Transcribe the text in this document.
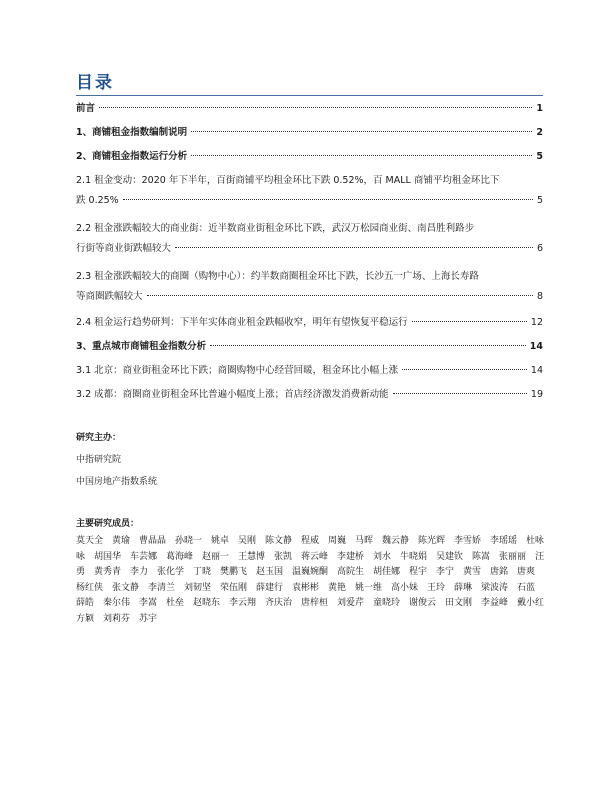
目录
前言	1
1、商铺租金指数编制说明	2
2、商铺租金指数运行分析	5
2.1 租金变动：2020 年下半年，百街商铺平均租金环比下跌 0.52%，百 MALL 商铺平均租金环比下
跌 0.25%	5
2.2 租金涨跌幅较大的商业街：近半数商业街租金环比下跌，武汉万松园商业街、南昌胜利路步
行街等商业街跌幅较大	6
2.3 租金涨跌幅较大的商圈（购物中心）：约半数商圈租金环比下跌，长沙五一广场、上海长寿路
等商圈跌幅较大	8
2.4 租金运行趋势研判：下半年实体商业租金跌幅收窄，明年有望恢复平稳运行	12
3、重点城市商铺租金指数分析	14
3.1 北京：商业街租金环比下跌；商圈购物中心经营回暖，租金环比小幅上涨	14
3.2 成都：商圈商业街租金环比普遍小幅度上涨；首店经济激发消费新动能	19
研究主办：
中指研究院
中国房地产指数系统
主要研究成员：
莫天全　黄瑜　曹晶晶　孙晓一　姚卓　吴刚　陈文静　程威　周巍　马晖　魏云静　陈光辉　李雪娇　李瑶瑶　杜咏咏　胡国华　车芸娜　葛海峰　赵丽一　王慧博　张凯　蒋云峰　李建桥　刘水　牛晓娟　吴建钦　陈嵩　张丽丽　汪勇　黄秀青　李力　张化学　丁晓　樊鹏飞　赵玉国　温巍婉酮　高院生　胡佳娜　程宇　李宁　黄雪　唐銘　唐爽　杨红侠　张文静　李清兰　刘韧坚　荣伍刚　薛建行　袁彬彬　黄艳　姚一维　高小妹　王玲　薛琳　梁波涛　石蓝　薛皓　秦尔伟　李嵩　杜垒　赵晓东　李云翔　齐庆治　唐梓桓　刘爱芹　童晓玲　谢俊云　田文刚　李益峰　戴小红　方颖　刘莉芬　苏宇
